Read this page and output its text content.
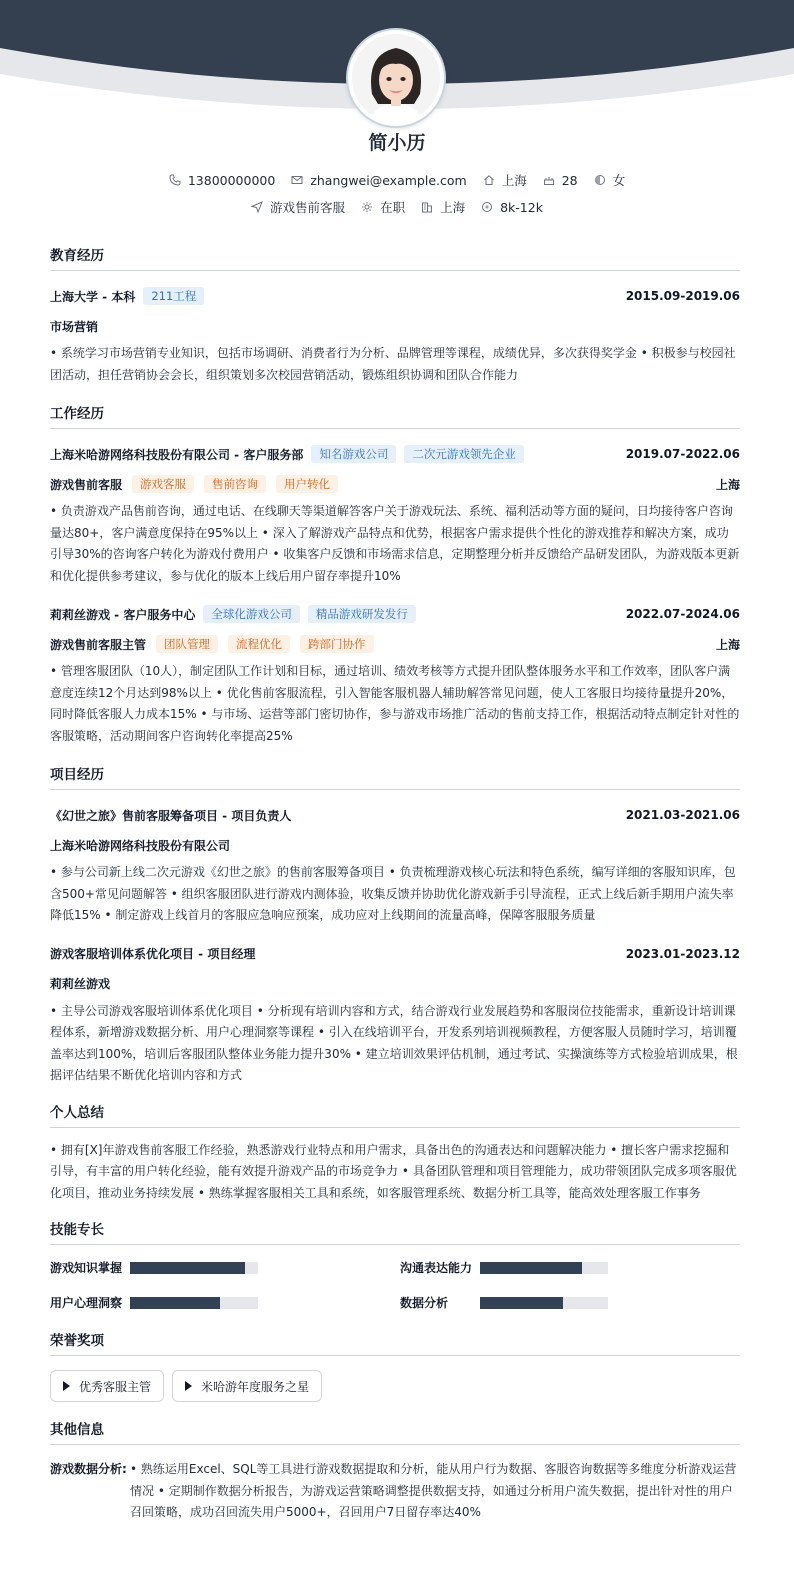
简小历
13800000000	zhangwei@example.com	上海	28	女
游戏售前客服	在职	上海	8k-12k
教育经历
上海大学 - 本科	211工程	2015.09-2019.06
市场营销
• 系统学习市场营销专业知识，包括市场调研、消费者行为分析、品牌管理等课程，成绩优异，多次获得奖学金 • 积极参与校园社团活动，担任营销协会会长，组织策划多次校园营销活动，锻炼组织协调和团队合作能力
工作经历
上海米哈游网络科技股份有限公司 - 客户服务部	知名游戏公司	二次元游戏领先企业	2019.07-2022.06
游戏售前客服	游戏客服	售前咨询	用户转化	上海
• 负责游戏产品售前咨询，通过电话、在线聊天等渠道解答客户关于游戏玩法、系统、福利活动等方面的疑问，日均接待客户咨询量达80+，客户满意度保持在95%以上 • 深入了解游戏产品特点和优势，根据客户需求提供个性化的游戏推荐和解决方案，成功引导30%的咨询客户转化为游戏付费用户 • 收集客户反馈和市场需求信息，定期整理分析并反馈给产品研发团队，为游戏版本更新和优化提供参考建议，参与优化的版本上线后用户留存率提升10%
莉莉丝游戏 - 客户服务中心	全球化游戏公司	精品游戏研发发行	2022.07-2024.06
游戏售前客服主管	团队管理	流程优化	跨部门协作	上海
• 管理客服团队（10人），制定团队工作计划和目标，通过培训、绩效考核等方式提升团队整体服务水平和工作效率，团队客户满意度连续12个月达到98%以上 • 优化售前客服流程，引入智能客服机器人辅助解答常见问题，使人工客服日均接待量提升20%，同时降低客服人力成本15% • 与市场、运营等部门密切协作，参与游戏市场推广活动的售前支持工作，根据活动特点制定针对性的客服策略，活动期间客户咨询转化率提高25%
项目经历
《幻世之旅》售前客服筹备项目 - 项目负责人	2021.03-2021.06
上海米哈游网络科技股份有限公司
• 参与公司新上线二次元游戏《幻世之旅》的售前客服筹备项目 • 负责梳理游戏核心玩法和特色系统，编写详细的客服知识库，包含500+常见问题解答 • 组织客服团队进行游戏内测体验，收集反馈并协助优化游戏新手引导流程，正式上线后新手期用户流失率降低15% • 制定游戏上线首月的客服应急响应预案，成功应对上线期间的流量高峰，保障客服服务质量
游戏客服培训体系优化项目 - 项目经理	2023.01-2023.12
莉莉丝游戏
• 主导公司游戏客服培训体系优化项目 • 分析现有培训内容和方式，结合游戏行业发展趋势和客服岗位技能需求，重新设计培训课程体系，新增游戏数据分析、用户心理洞察等课程 • 引入在线培训平台，开发系列培训视频教程，方便客服人员随时学习，培训覆盖率达到100%，培训后客服团队整体业务能力提升30% • 建立培训效果评估机制，通过考试、实操演练等方式检验培训成果，根据评估结果不断优化培训内容和方式
个人总结
• 拥有[X]年游戏售前客服工作经验，熟悉游戏行业特点和用户需求，具备出色的沟通表达和问题解决能力 • 擅长客户需求挖掘和引导，有丰富的用户转化经验，能有效提升游戏产品的市场竞争力 • 具备团队管理和项目管理能力，成功带领团队完成多项客服优化项目，推动业务持续发展 • 熟练掌握客服相关工具和系统，如客服管理系统、数据分析工具等，能高效处理客服工作事务
技能专长
游戏知识掌握	沟通表达能力
用户心理洞察	数据分析
荣誉奖项
优秀客服主管	米哈游年度服务之星
其他信息
游戏数据分析: • 熟练运用Excel、SQL等工具进行游戏数据提取和分析，能从用户行为数据、客服咨询数据等多维度分析游戏运营情况 • 定期制作数据分析报告，为游戏运营策略调整提供数据支持，如通过分析用户流失数据，提出针对性的用户召回策略，成功召回流失用户5000+，召回用户7日留存率达40%
